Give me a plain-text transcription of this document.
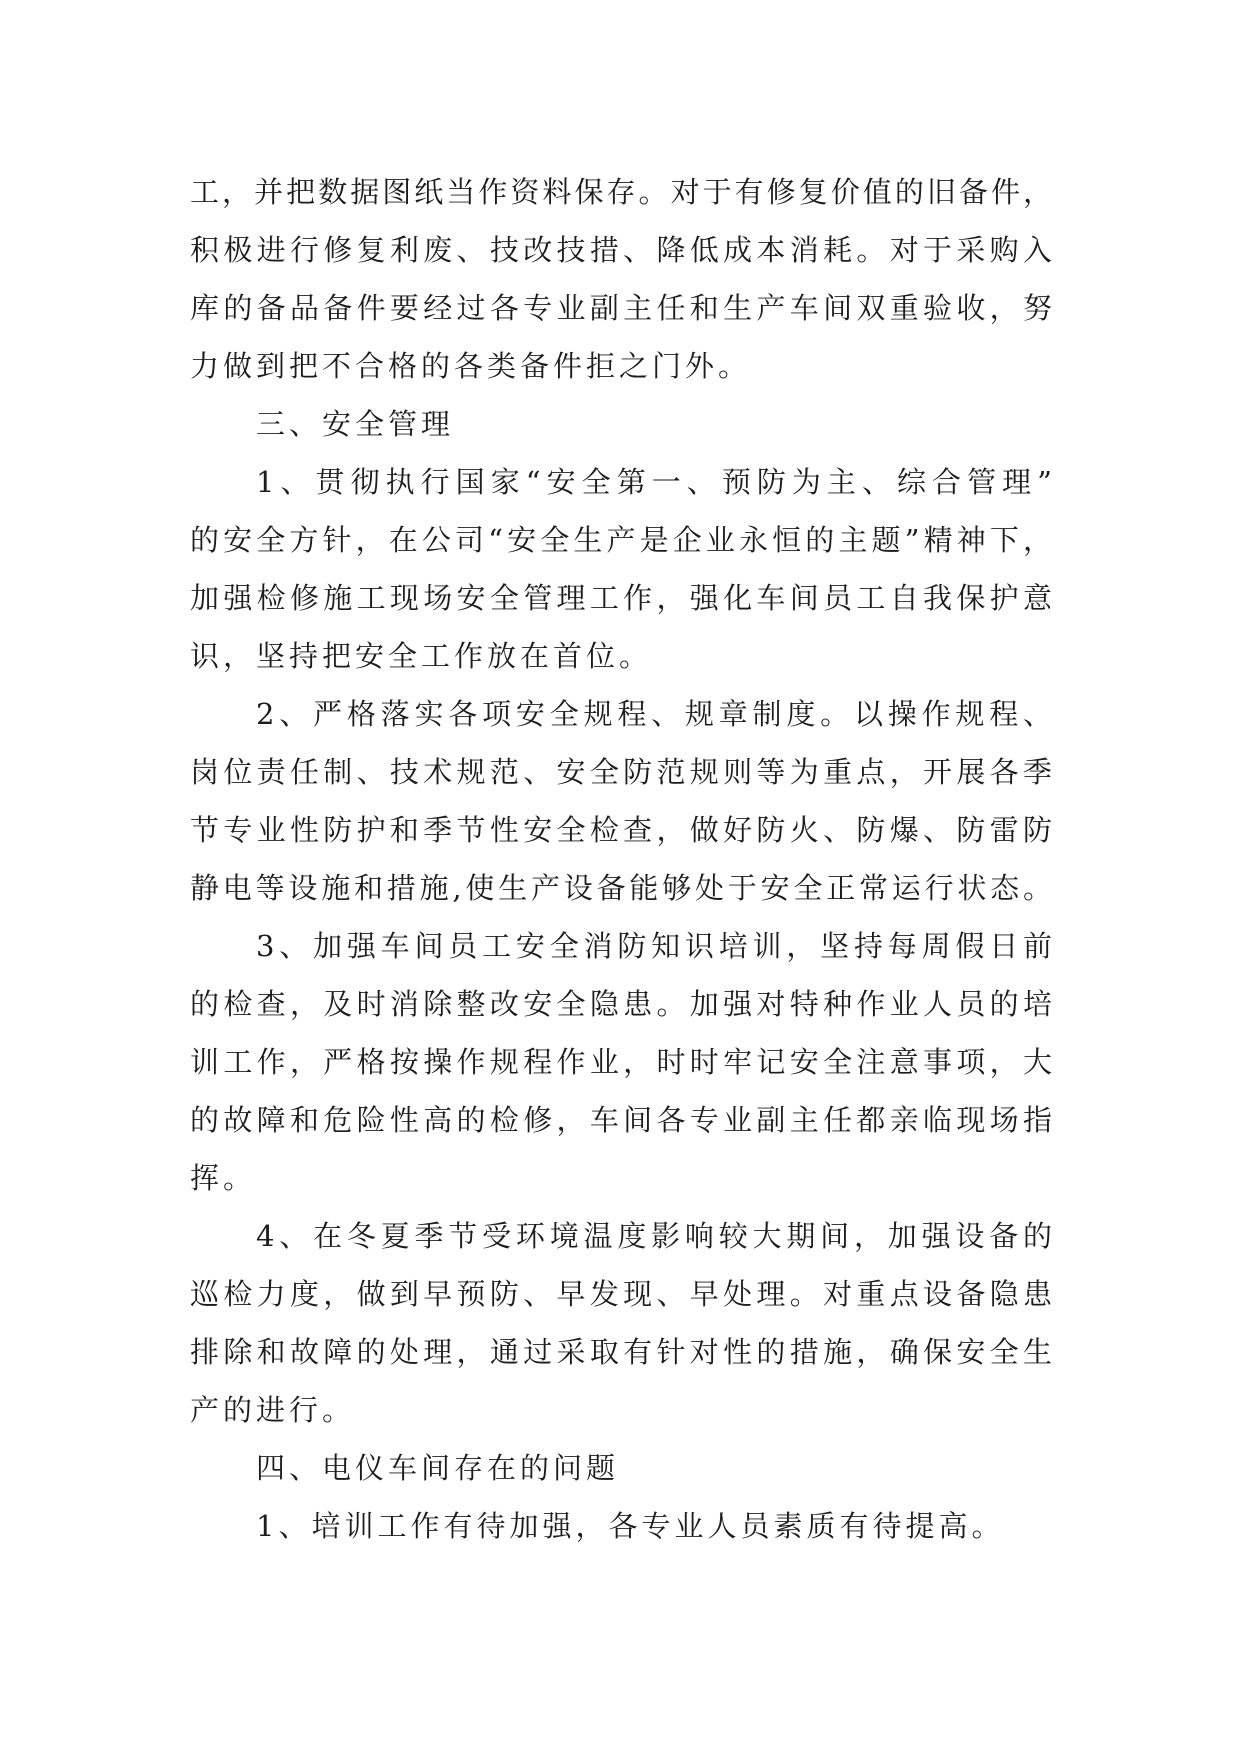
工，并把数据图纸当作资料保存。对于有修复价值的旧备件，
积极进行修复利废、技改技措、降低成本消耗。对于采购入
库的备品备件要经过各专业副主任和生产车间双重验收，努
力做到把不合格的各类备件拒之门外。
三、安全管理
1、贯彻执行国家“安全第一、预防为主、综合管理”
的安全方针，在公司“安全生产是企业永恒的主题”精神下，
加强检修施工现场安全管理工作，强化车间员工自我保护意
识，坚持把安全工作放在首位。
2、严格落实各项安全规程、规章制度。以操作规程、
岗位责任制、技术规范、安全防范规则等为重点，开展各季
节专业性防护和季节性安全检查，做好防火、防爆、防雷防
静电等设施和措施,使生产设备能够处于安全正常运行状态。
3、加强车间员工安全消防知识培训，坚持每周假日前
的检查，及时消除整改安全隐患。加强对特种作业人员的培
训工作，严格按操作规程作业，时时牢记安全注意事项，大
的故障和危险性高的检修，车间各专业副主任都亲临现场指
挥。
4、在冬夏季节受环境温度影响较大期间，加强设备的
巡检力度，做到早预防、早发现、早处理。对重点设备隐患
排除和故障的处理，通过采取有针对性的措施，确保安全生
产的进行。
四、电仪车间存在的问题
1、培训工作有待加强，各专业人员素质有待提高。
